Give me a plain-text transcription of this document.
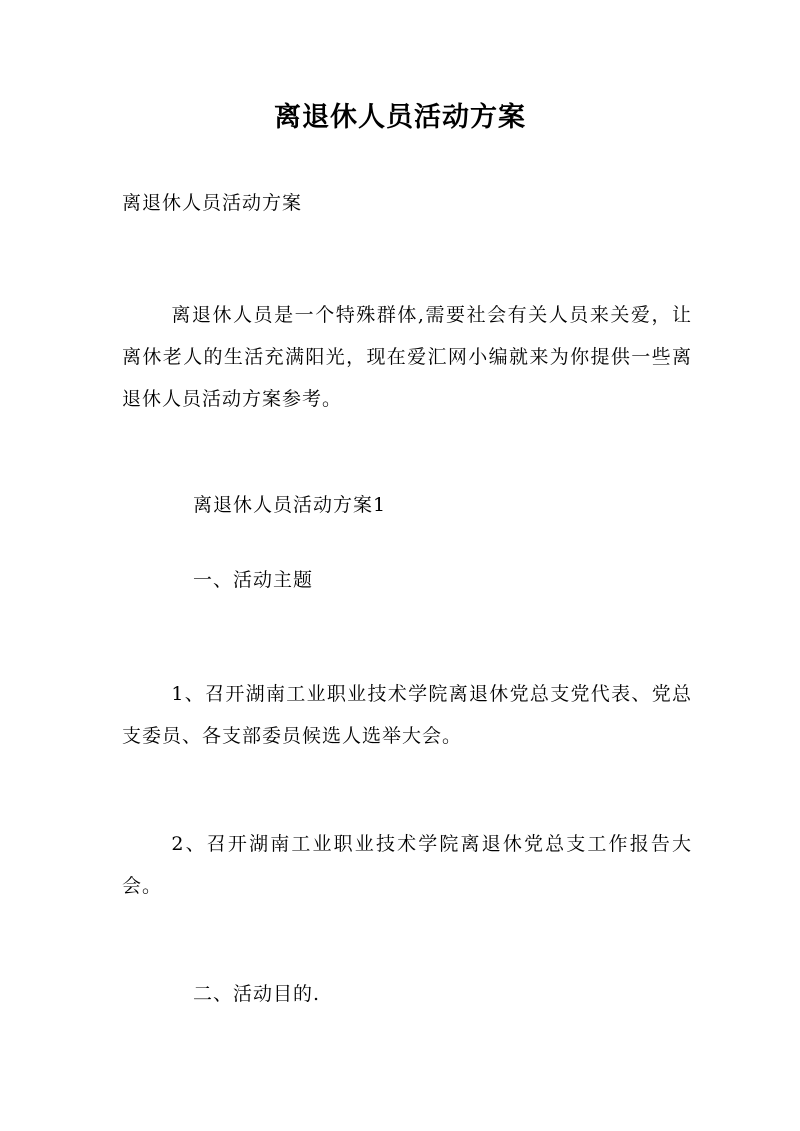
离退休人员活动方案
离退休人员活动方案
离退休人员是一个特殊群体,需要社会有关人员来关爱，让离休老人的生活充满阳光，现在爱汇网小编就来为你提供一些离退休人员活动方案参考。
离退休人员活动方案1
一、活动主题
1、召开湖南工业职业技术学院离退休党总支党代表、党总支委员、各支部委员候选人选举大会。
2、召开湖南工业职业技术学院离退休党总支工作报告大会。
二、活动目的.
